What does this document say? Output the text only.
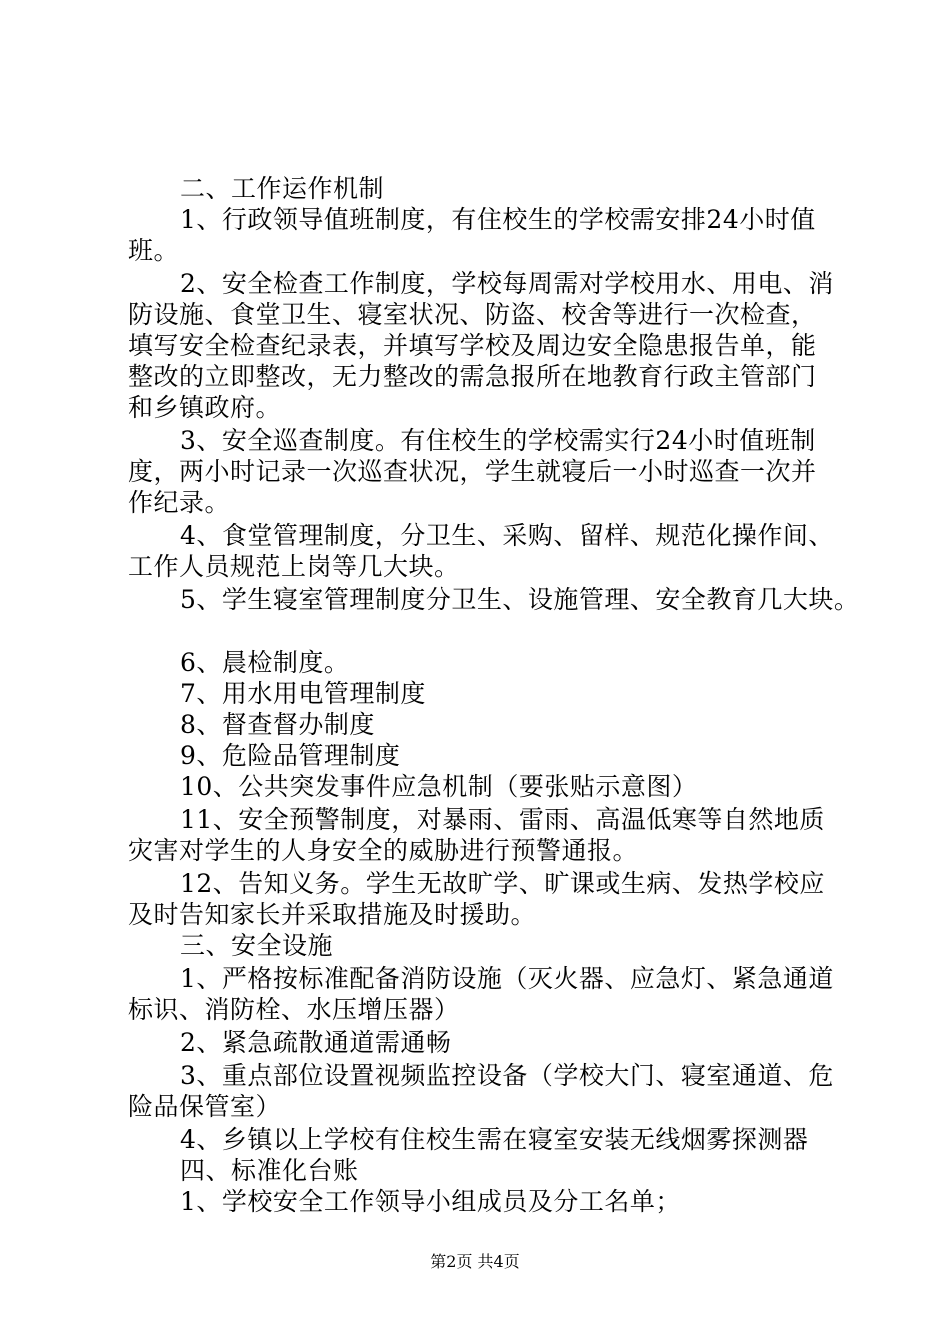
二、工作运作机制
1、行政领导值班制度，有住校生的学校需安排24小时值
班。
2、安全检查工作制度，学校每周需对学校用水、用电、消
防设施、食堂卫生、寝室状况、防盗、校舍等进行一次检查，
填写安全检查纪录表，并填写学校及周边安全隐患报告单，能
整改的立即整改，无力整改的需急报所在地教育行政主管部门
和乡镇政府。
3、安全巡查制度。有住校生的学校需实行24小时值班制
度，两小时记录一次巡查状况，学生就寝后一小时巡查一次并
作纪录。
4、食堂管理制度，分卫生、采购、留样、规范化操作间、
工作人员规范上岗等几大块。
5、学生寝室管理制度分卫生、设施管理、安全教育几大块。
6、晨检制度。
7、用水用电管理制度
8、督查督办制度
9、危险品管理制度
10、公共突发事件应急机制（要张贴示意图）
11、安全预警制度，对暴雨、雷雨、高温低寒等自然地质
灾害对学生的人身安全的威胁进行预警通报。
12、告知义务。学生无故旷学、旷课或生病、发热学校应
及时告知家长并采取措施及时援助。
三、安全设施
1、严格按标准配备消防设施（灭火器、应急灯、紧急通道
标识、消防栓、水压增压器）
2、紧急疏散通道需通畅
3、重点部位设置视频监控设备（学校大门、寝室通道、危
险品保管室）
4、乡镇以上学校有住校生需在寝室安装无线烟雾探测器
四、标准化台账
1、学校安全工作领导小组成员及分工名单；
第2页 共4页
